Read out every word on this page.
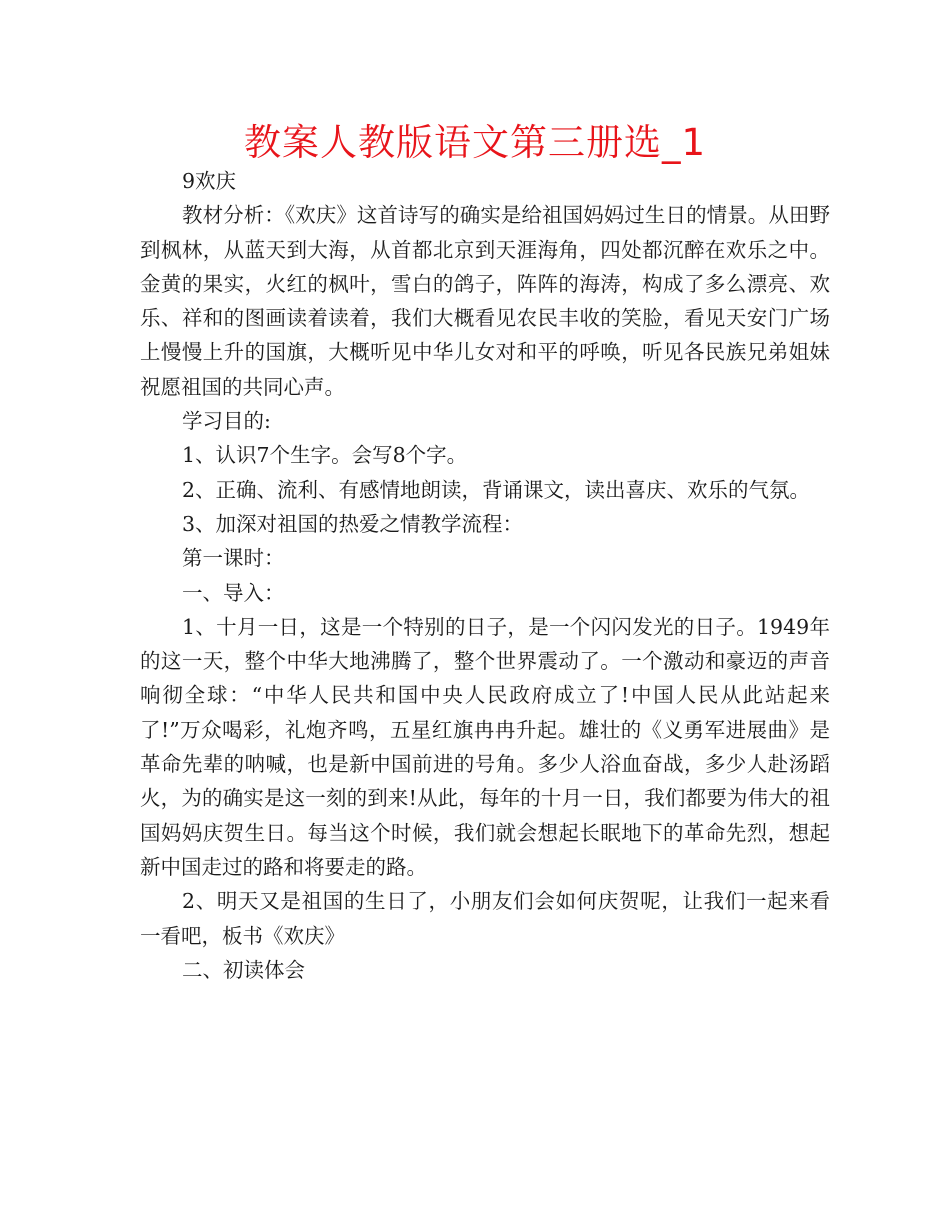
教案人教版语文第三册选_1

9欢庆

教材分析：《欢庆》这首诗写的确实是给祖国妈妈过生日的情景。从田野到枫林，从蓝天到大海，从首都北京到天涯海角，四处都沉醉在欢乐之中。金黄的果实，火红的枫叶，雪白的鸽子，阵阵的海涛，构成了多么漂亮、欢乐、祥和的图画读着读着，我们大概看见农民丰收的笑脸，看见天安门广场上慢慢上升的国旗，大概听见中华儿女对和平的呼唤，听见各民族兄弟姐妹祝愿祖国的共同心声。

学习目的:

1、认识7个生字。会写8个字。

2、正确、流利、有感情地朗读，背诵课文，读出喜庆、欢乐的气氛。

3、加深对祖国的热爱之情教学流程：

第一课时：

一、导入：

1、十月一日，这是一个特别的日子，是一个闪闪发光的日子。1949年的这一天，整个中华大地沸腾了，整个世界震动了。一个激动和豪迈的声音响彻全球：“中华人民共和国中央人民政府成立了!中国人民从此站起来了!”万众喝彩，礼炮齐鸣，五星红旗冉冉升起。雄壮的《义勇军进展曲》是革命先辈的呐喊，也是新中国前进的号角。多少人浴血奋战，多少人赴汤蹈火，为的确实是这一刻的到来!从此，每年的十月一日，我们都要为伟大的祖国妈妈庆贺生日。每当这个时候，我们就会想起长眠地下的革命先烈，想起新中国走过的路和将要走的路。

2、明天又是祖国的生日了，小朋友们会如何庆贺呢，让我们一起来看一看吧，板书《欢庆》

二、初读体会
